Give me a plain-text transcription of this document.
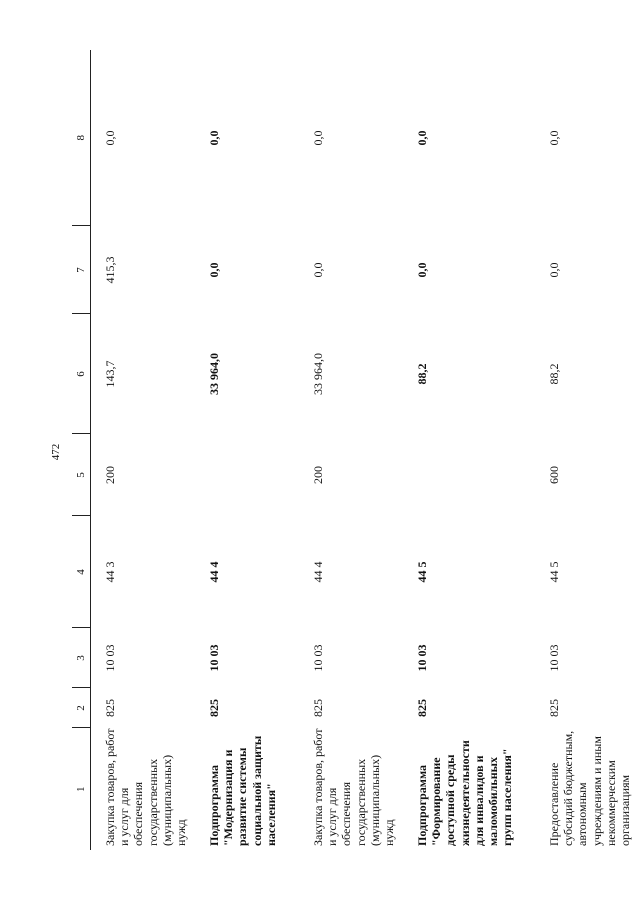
472
1	2	3	4	5	6	7	8
Закупка товаров, работ и услуг для обеспечения государственных (муниципальных) нужд	825	10 03	44 3	200	143,7	415,3	0,0
Подпрограмма "Модернизация и развитие системы социальной защиты населения"	825	10 03	44 4		33 964,0	0,0	0,0
Закупка товаров, работ и услуг для обеспечения государственных (муниципальных) нужд	825	10 03	44 4	200	33 964,0	0,0	0,0
Подпрограмма "Формирование доступной среды жизнедеятельности для инвалидов и маломобильных групп населения"	825	10 03	44 5		88,2	0,0	0,0
Предоставление субсидий бюджетным, автономным учреждениям и иным некоммерческим организациям	825	10 03	44 5	600	88,2	0,0	0,0
